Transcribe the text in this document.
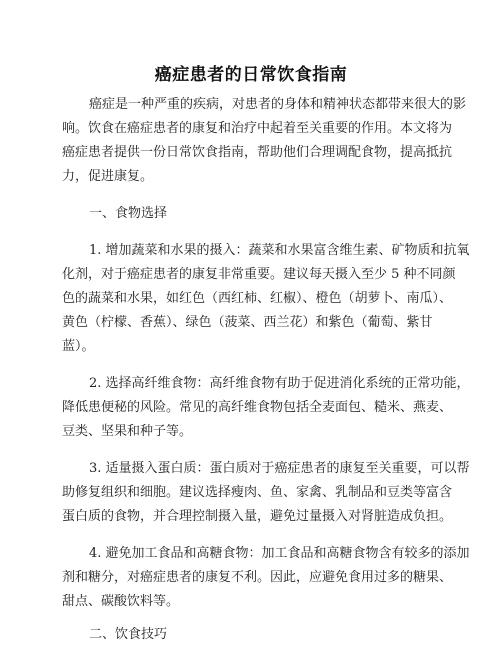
癌症患者的日常饮食指南
癌症是一种严重的疾病，对患者的身体和精神状态都带来很大的影
响。饮食在癌症患者的康复和治疗中起着至关重要的作用。本文将为
癌症患者提供一份日常饮食指南，帮助他们合理调配食物，提高抵抗
力，促进康复。
一、食物选择
1. 增加蔬菜和水果的摄入：蔬菜和水果富含维生素、矿物质和抗氧
化剂，对于癌症患者的康复非常重要。建议每天摄入至少 5 种不同颜
色的蔬菜和水果，如红色（西红柿、红椒）、橙色（胡萝卜、南瓜）、
黄色（柠檬、香蕉）、绿色（菠菜、西兰花）和紫色（葡萄、紫甘
蓝）。
2. 选择高纤维食物：高纤维食物有助于促进消化系统的正常功能，
降低患便秘的风险。常见的高纤维食物包括全麦面包、糙米、燕麦、
豆类、坚果和种子等。
3. 适量摄入蛋白质：蛋白质对于癌症患者的康复至关重要，可以帮
助修复组织和细胞。建议选择瘦肉、鱼、家禽、乳制品和豆类等富含
蛋白质的食物，并合理控制摄入量，避免过量摄入对肾脏造成负担。
4. 避免加工食品和高糖食物：加工食品和高糖食物含有较多的添加
剂和糖分，对癌症患者的康复不利。因此，应避免食用过多的糖果、
甜点、碳酸饮料等。
二、饮食技巧
